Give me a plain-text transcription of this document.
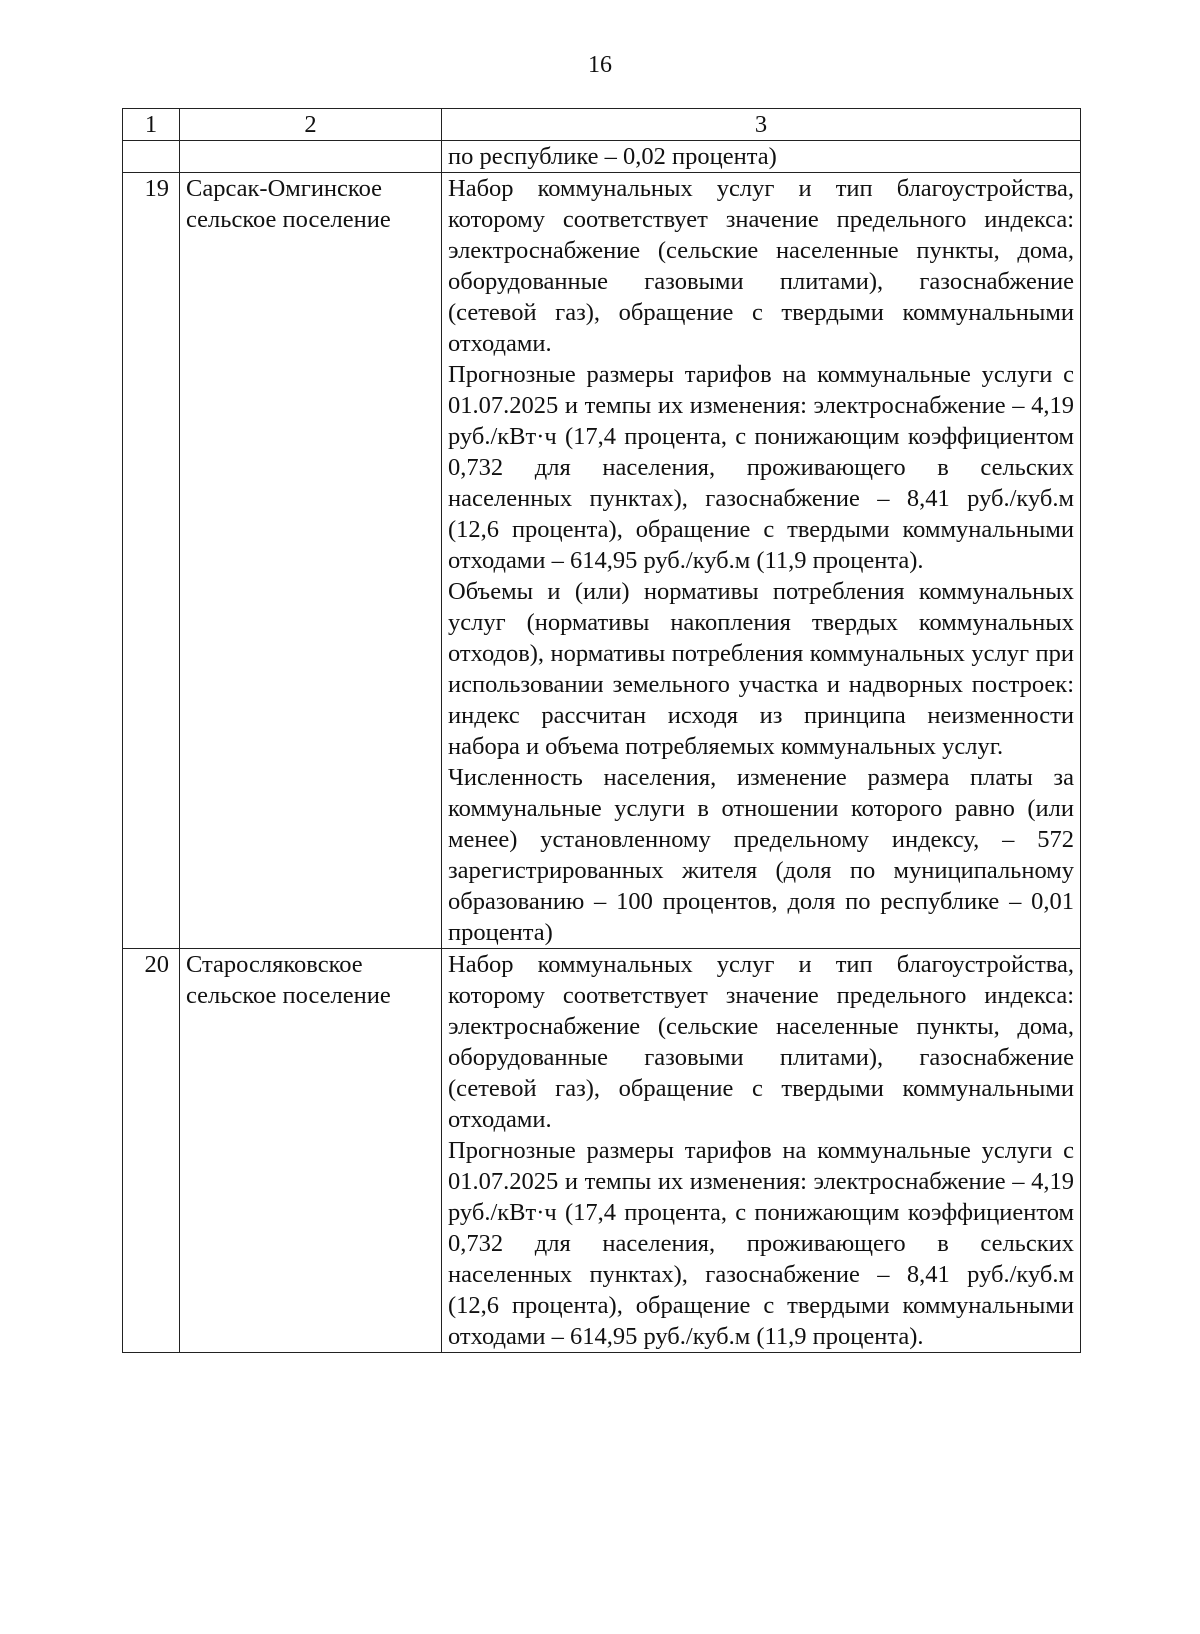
16
1	2	3

		по республике – 0,02 процента)

19	Сарсак-Омгинское сельское поселение	Набор коммунальных услуг и тип благоустройства, которому соответствует значение предельного индекса: электроснабжение (сельские населенные пункты, дома, оборудованные газовыми плитами), газоснабжение (сетевой газ), обращение с твердыми коммунальными отходами.

Прогнозные размеры тарифов на коммунальные услуги с 01.07.2025 и темпы их изменения: электроснабжение – 4,19 руб./кВт·ч (17,4 процента, с понижающим коэффициентом 0,732 для населения, проживающего в сельских населенных пунктах), газоснабжение – 8,41 руб./куб.м (12,6 процента), обращение с твердыми коммунальными отходами – 614,95 руб./куб.м (11,9 процента).

Объемы и (или) нормативы потребления коммунальных услуг (нормативы накопления твердых коммунальных отходов), нормативы потребления коммунальных услуг при использовании земельного участка и надворных построек: индекс рассчитан исходя из принципа неизменности набора и объема потребляемых коммунальных услуг.

Численность населения, изменение размера платы за коммунальные услуги в отношении которого равно (или менее) установленному предельному индексу, – 572 зарегистрированных жителя (доля по муниципальному образованию – 100 процентов, доля по республике – 0,01 процента)

20	Старосляковское сельское поселение	Набор коммунальных услуг и тип благоустройства, которому соответствует значение предельного индекса: электроснабжение (сельские населенные пункты, дома, оборудованные газовыми плитами), газоснабжение (сетевой газ), обращение с твердыми коммунальными отходами.

Прогнозные размеры тарифов на коммунальные услуги с 01.07.2025 и темпы их изменения: электроснабжение – 4,19 руб./кВт·ч (17,4 процента, с понижающим коэффициентом 0,732 для населения, проживающего в сельских населенных пунктах), газоснабжение – 8,41 руб./куб.м (12,6 процента), обращение с твердыми коммунальными отходами – 614,95 руб./куб.м (11,9 процента).
